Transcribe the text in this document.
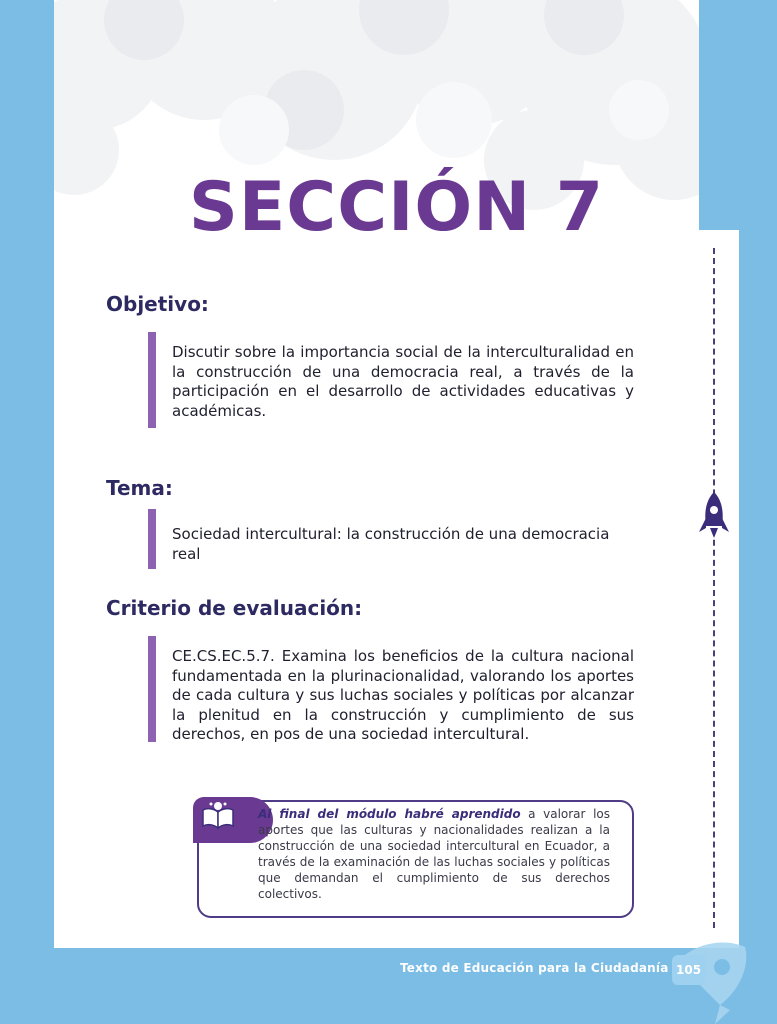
SECCIÓN 7
Objetivo:

Discutir sobre la importancia social de la interculturalidad en la construcción de una democracia real, a través de la participación en el desarrollo de actividades educativas y académicas.

Tema:

Sociedad intercultural: la construcción de una democracia real

Criterio de evaluación:

CE.CS.EC.5.7. Examina los beneficios de la cultura nacional fundamentada en la plurinacionalidad, valorando los aportes de cada cultura y sus luchas sociales y políticas por alcanzar la plenitud en la construcción y cumplimiento de sus derechos, en pos de una sociedad intercultural.

Al final del módulo habré aprendido a valorar los aportes que las culturas y nacionalidades realizan a la construcción de una sociedad intercultural en Ecuador, a través de la examinación de las luchas sociales y políticas que demandan el cumplimiento de sus derechos colectivos.

Texto de Educación para la Ciudadanía 105
